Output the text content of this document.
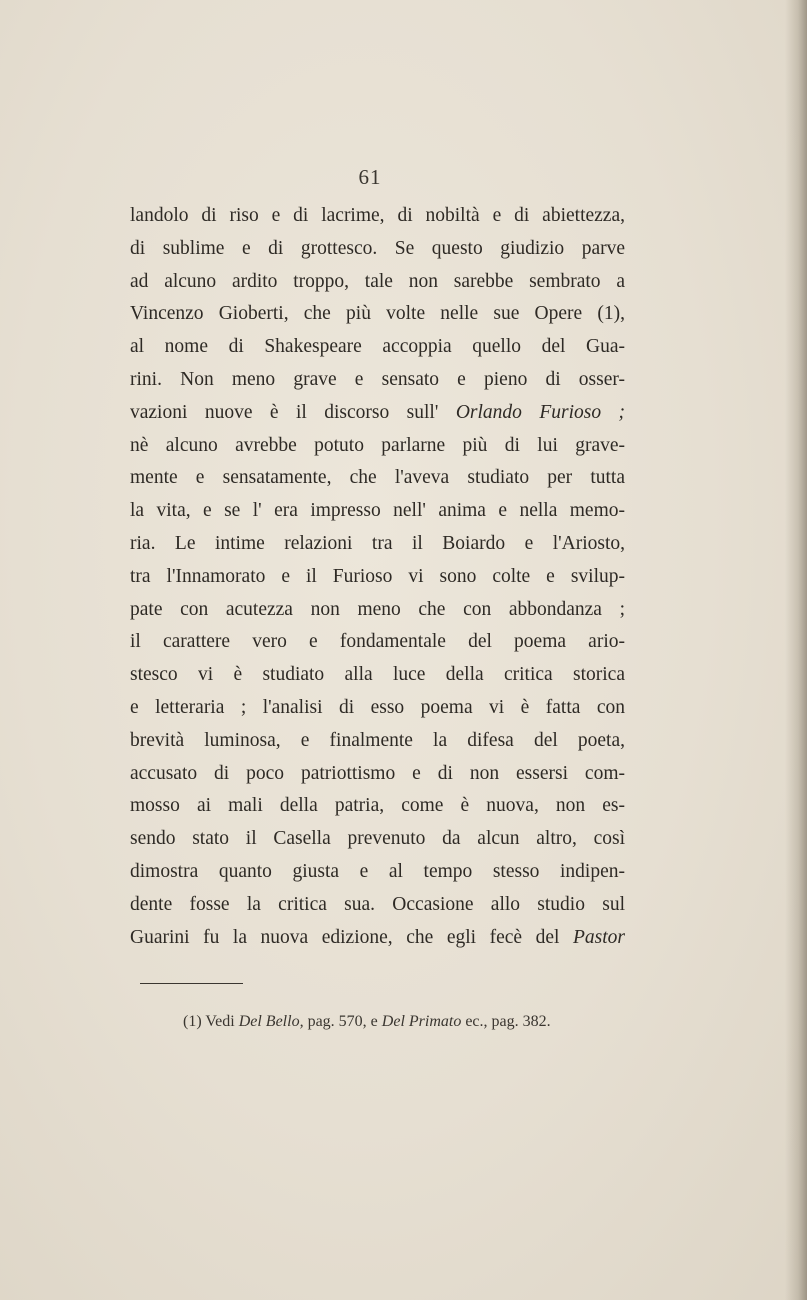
61
landolo di riso e di lacrime, di nobiltà e di abiettezza,
di sublime e di grottesco. Se questo giudizio parve
ad alcuno ardito troppo, tale non sarebbe sembrato a
Vincenzo Gioberti, che più volte nelle sue Opere (1),
al nome di Shakespeare accoppia quello del Gua-
rini. Non meno grave e sensato e pieno di osser-
vazioni nuove è il discorso sull' Orlando Furioso ;
nè alcuno avrebbe potuto parlarne più di lui grave-
mente e sensatamente, che l'aveva studiato per tutta
la vita, e se l' era impresso nell' anima e nella memo-
ria. Le intime relazioni tra il Boiardo e l'Ariosto,
tra l'Innamorato e il Furioso vi sono colte e svilup-
pate con acutezza non meno che con abbondanza ;
il carattere vero e fondamentale del poema ario-
stesco vi è studiato alla luce della critica storica
e letteraria ; l'analisi di esso poema vi è fatta con
brevità luminosa, e finalmente la difesa del poeta,
accusato di poco patriottismo e di non essersi com-
mosso ai mali della patria, come è nuova, non es-
sendo stato il Casella prevenuto da alcun altro, così
dimostra quanto giusta e al tempo stesso indipen-
dente fosse la critica sua. Occasione allo studio sul
Guarini fu la nuova edizione, che egli fecè del Pastor
(1) Vedi Del Bello, pag. 570, e Del Primato ec., pag. 382.
